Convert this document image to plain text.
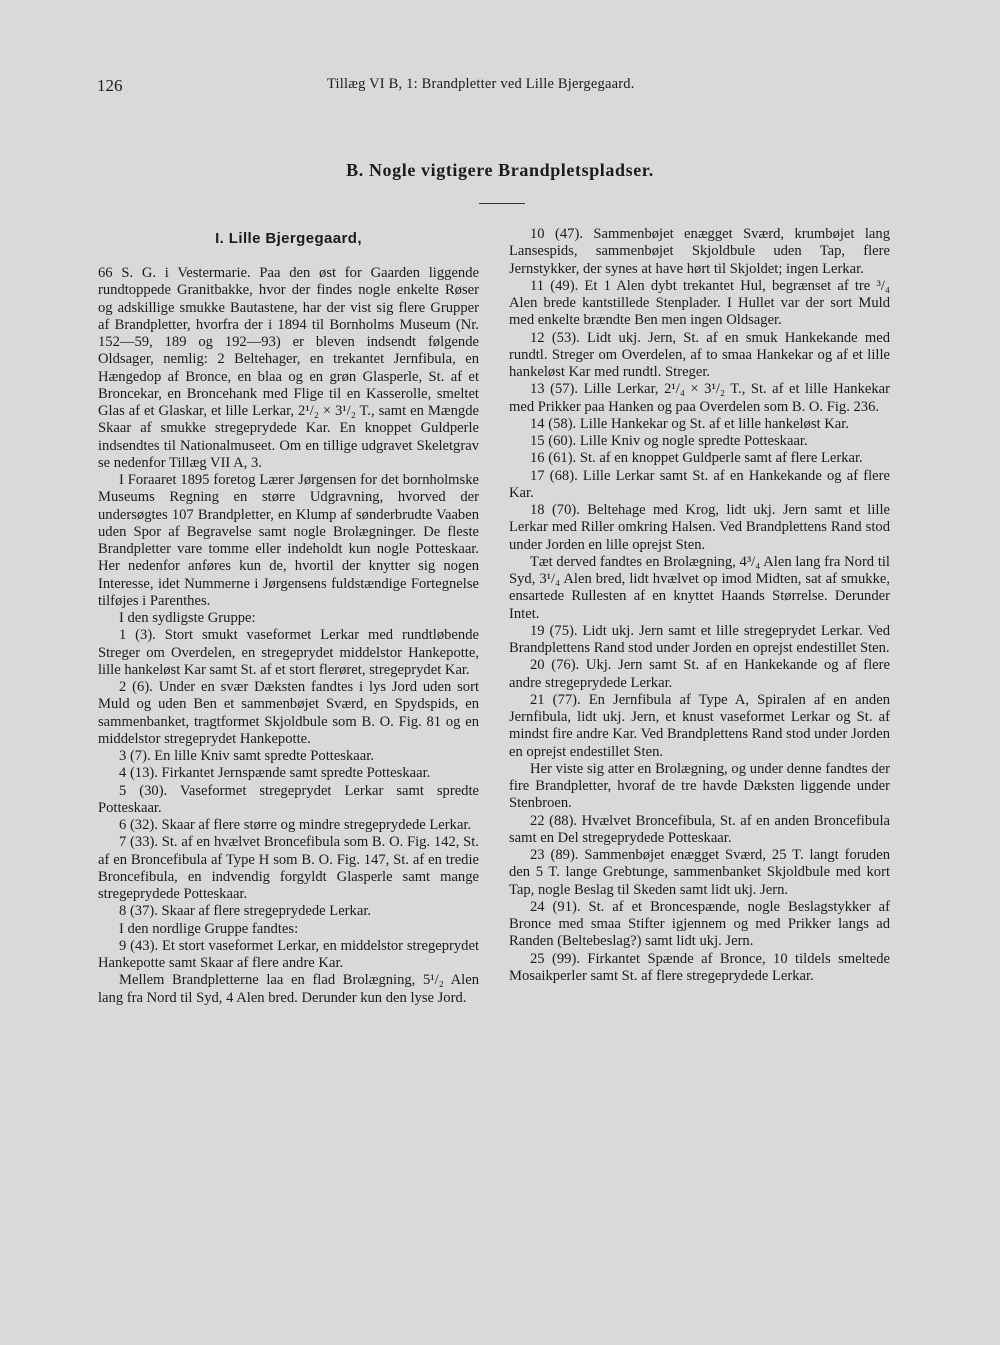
126	Tillæg VI B, 1: Brandpletter ved Lille Bjergegaard.
B. Nogle vigtigere Brandpletspladser.
I. Lille Bjergegaard,

66 S. G. i Vestermarie. Paa den øst for Gaarden liggende rundtoppede Granitbakke, hvor der findes nogle enkelte Røser og adskillige smukke Bautastene, har der vist sig flere Grupper af Brandpletter, hvorfra der i 1894 til Bornholms Museum (Nr. 152—59, 189 og 192—93) er bleven indsendt følgende Oldsager, nemlig: 2 Beltehager, en trekantet Jernfibula, en Hængedop af Bronce, en blaa og en grøn Glasperle, St. af et Broncekar, en Broncehank med Flige til en Kasserolle, smeltet Glas af et Glaskar, et lille Lerkar, 2¹/₂ × 3¹/₂ T., samt en Mængde Skaar af smukke stregeprydede Kar. En knoppet Guldperle indsendtes til Nationalmuseet. Om en tillige udgravet Skeletgrav se nedenfor Tillæg VII A, 3.

I Foraaret 1895 foretog Lærer Jørgensen for det bornholmske Museums Regning en større Udgravning, hvorved der undersøgtes 107 Brandpletter, en Klump af sønderbrudte Vaaben uden Spor af Begravelse samt nogle Brolægninger. De fleste Brandpletter vare tomme eller indeholdt kun nogle Potteskaar. Her nedenfor anføres kun de, hvortil der knytter sig nogen Interesse, idet Nummerne i Jørgensens fuldstændige Fortegnelse tilføjes i Parenthes.

I den sydligste Gruppe:

1 (3). Stort smukt vaseformet Lerkar med rundtløbende Streger om Overdelen, en stregeprydet middelstor Hankepotte, lille hankeløst Kar samt St. af et stort flerøret, stregeprydet Kar.

2 (6). Under en svær Dæksten fandtes i lys Jord uden sort Muld og uden Ben et sammenbøjet Sværd, en Spydspids, en sammenbanket, tragtformet Skjoldbule som B. O. Fig. 81 og en middelstor stregeprydet Hankepotte.

3 (7). En lille Kniv samt spredte Potteskaar.

4 (13). Firkantet Jernspænde samt spredte Potteskaar.

5 (30). Vaseformet stregeprydet Lerkar samt spredte Potteskaar.

6 (32). Skaar af flere større og mindre stregeprydede Lerkar.

7 (33). St. af en hvælvet Broncefibula som B. O. Fig. 142, St. af en Broncefibula af Type H som B. O. Fig. 147, St. af en tredie Broncefibula, en indvendig forgyldt Glasperle samt mange stregeprydede Potteskaar.

8 (37). Skaar af flere stregeprydede Lerkar.

I den nordlige Gruppe fandtes:

9 (43). Et stort vaseformet Lerkar, en middelstor stregeprydet Hankepotte samt Skaar af flere andre Kar.

Mellem Brandpletterne laa en flad Brolægning, 5¹/₂ Alen lang fra Nord til Syd, 4 Alen bred. Derunder kun den lyse Jord.

10 (47). Sammenbøjet enægget Sværd, krumbøjet lang Lansespids, sammenbøjet Skjoldbule uden Tap, flere Jernstykker, der synes at have hørt til Skjoldet; ingen Lerkar.

11 (49). Et 1 Alen dybt trekantet Hul, begrænset af tre ³/₄ Alen brede kantstillede Stenplader. I Hullet var der sort Muld med enkelte brændte Ben men ingen Oldsager.

12 (53). Lidt ukj. Jern, St. af en smuk Hankekande med rundtl. Streger om Overdelen, af to smaa Hankekar og af et lille hankeløst Kar med rundtl. Streger.

13 (57). Lille Lerkar, 2¹/₄ × 3¹/₂ T., St. af et lille Hankekar med Prikker paa Hanken og paa Overdelen som B. O. Fig. 236.

14 (58). Lille Hankekar og St. af et lille hankeløst Kar.

15 (60). Lille Kniv og nogle spredte Potteskaar.

16 (61). St. af en knoppet Guldperle samt af flere Lerkar.

17 (68). Lille Lerkar samt St. af en Hankekande og af flere Kar.

18 (70). Beltehage med Krog, lidt ukj. Jern samt et lille Lerkar med Riller omkring Halsen. Ved Brandplettens Rand stod under Jorden en lille oprejst Sten.

Tæt derved fandtes en Brolægning, 4³/₄ Alen lang fra Nord til Syd, 3¹/₄ Alen bred, lidt hvælvet op imod Midten, sat af smukke, ensartede Rullesten af en knyttet Haands Størrelse. Derunder Intet.

19 (75). Lidt ukj. Jern samt et lille stregeprydet Lerkar. Ved Brandplettens Rand stod under Jorden en oprejst endestillet Sten.

20 (76). Ukj. Jern samt St. af en Hankekande og af flere andre stregeprydede Lerkar.

21 (77). En Jernfibula af Type A, Spiralen af en anden Jernfibula, lidt ukj. Jern, et knust vaseformet Lerkar og St. af mindst fire andre Kar. Ved Brandplettens Rand stod under Jorden en oprejst endestillet Sten.

Her viste sig atter en Brolægning, og under denne fandtes der fire Brandpletter, hvoraf de tre havde Dæksten liggende under Stenbroen.

22 (88). Hvælvet Broncefibula, St. af en anden Broncefibula samt en Del stregeprydede Potteskaar.

23 (89). Sammenbøjet enægget Sværd, 25 T. langt foruden den 5 T. lange Grebtunge, sammenbanket Skjoldbule med kort Tap, nogle Beslag til Skeden samt lidt ukj. Jern.

24 (91). St. af et Broncespænde, nogle Beslagstykker af Bronce med smaa Stifter igjennem og med Prikker langs ad Randen (Beltebeslag?) samt lidt ukj. Jern.

25 (99). Firkantet Spænde af Bronce, 10 tildels smeltede Mosaikperler samt St. af flere stregeprydede Lerkar.
